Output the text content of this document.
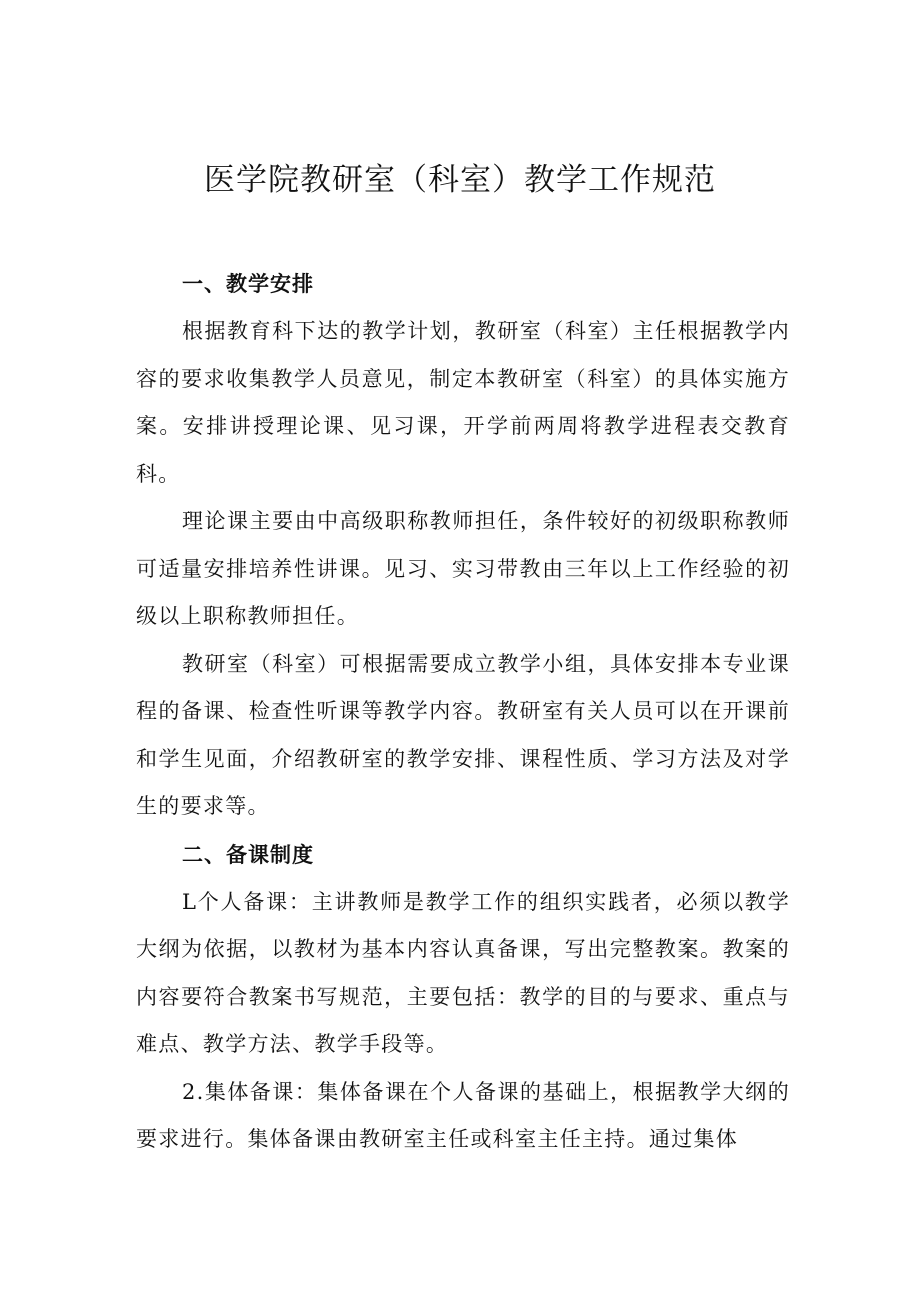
医学院教研室（科室）教学工作规范
一、教学安排

根据教育科下达的教学计划，教研室（科室）主任根据教学内容的要求收集教学人员意见，制定本教研室（科室）的具体实施方案。安排讲授理论课、见习课，开学前两周将教学进程表交教育科。

理论课主要由中高级职称教师担任，条件较好的初级职称教师可适量安排培养性讲课。见习、实习带教由三年以上工作经验的初级以上职称教师担任。

教研室（科室）可根据需要成立教学小组，具体安排本专业课程的备课、检查性听课等教学内容。教研室有关人员可以在开课前和学生见面，介绍教研室的教学安排、课程性质、学习方法及对学生的要求等。

二、备课制度

L个人备课：主讲教师是教学工作的组织实践者，必须以教学大纲为依据，以教材为基本内容认真备课，写出完整教案。教案的内容要符合教案书写规范，主要包括：教学的目的与要求、重点与难点、教学方法、教学手段等。

2.集体备课：集体备课在个人备课的基础上，根据教学大纲的要求进行。集体备课由教研室主任或科室主任主持。通过集体
